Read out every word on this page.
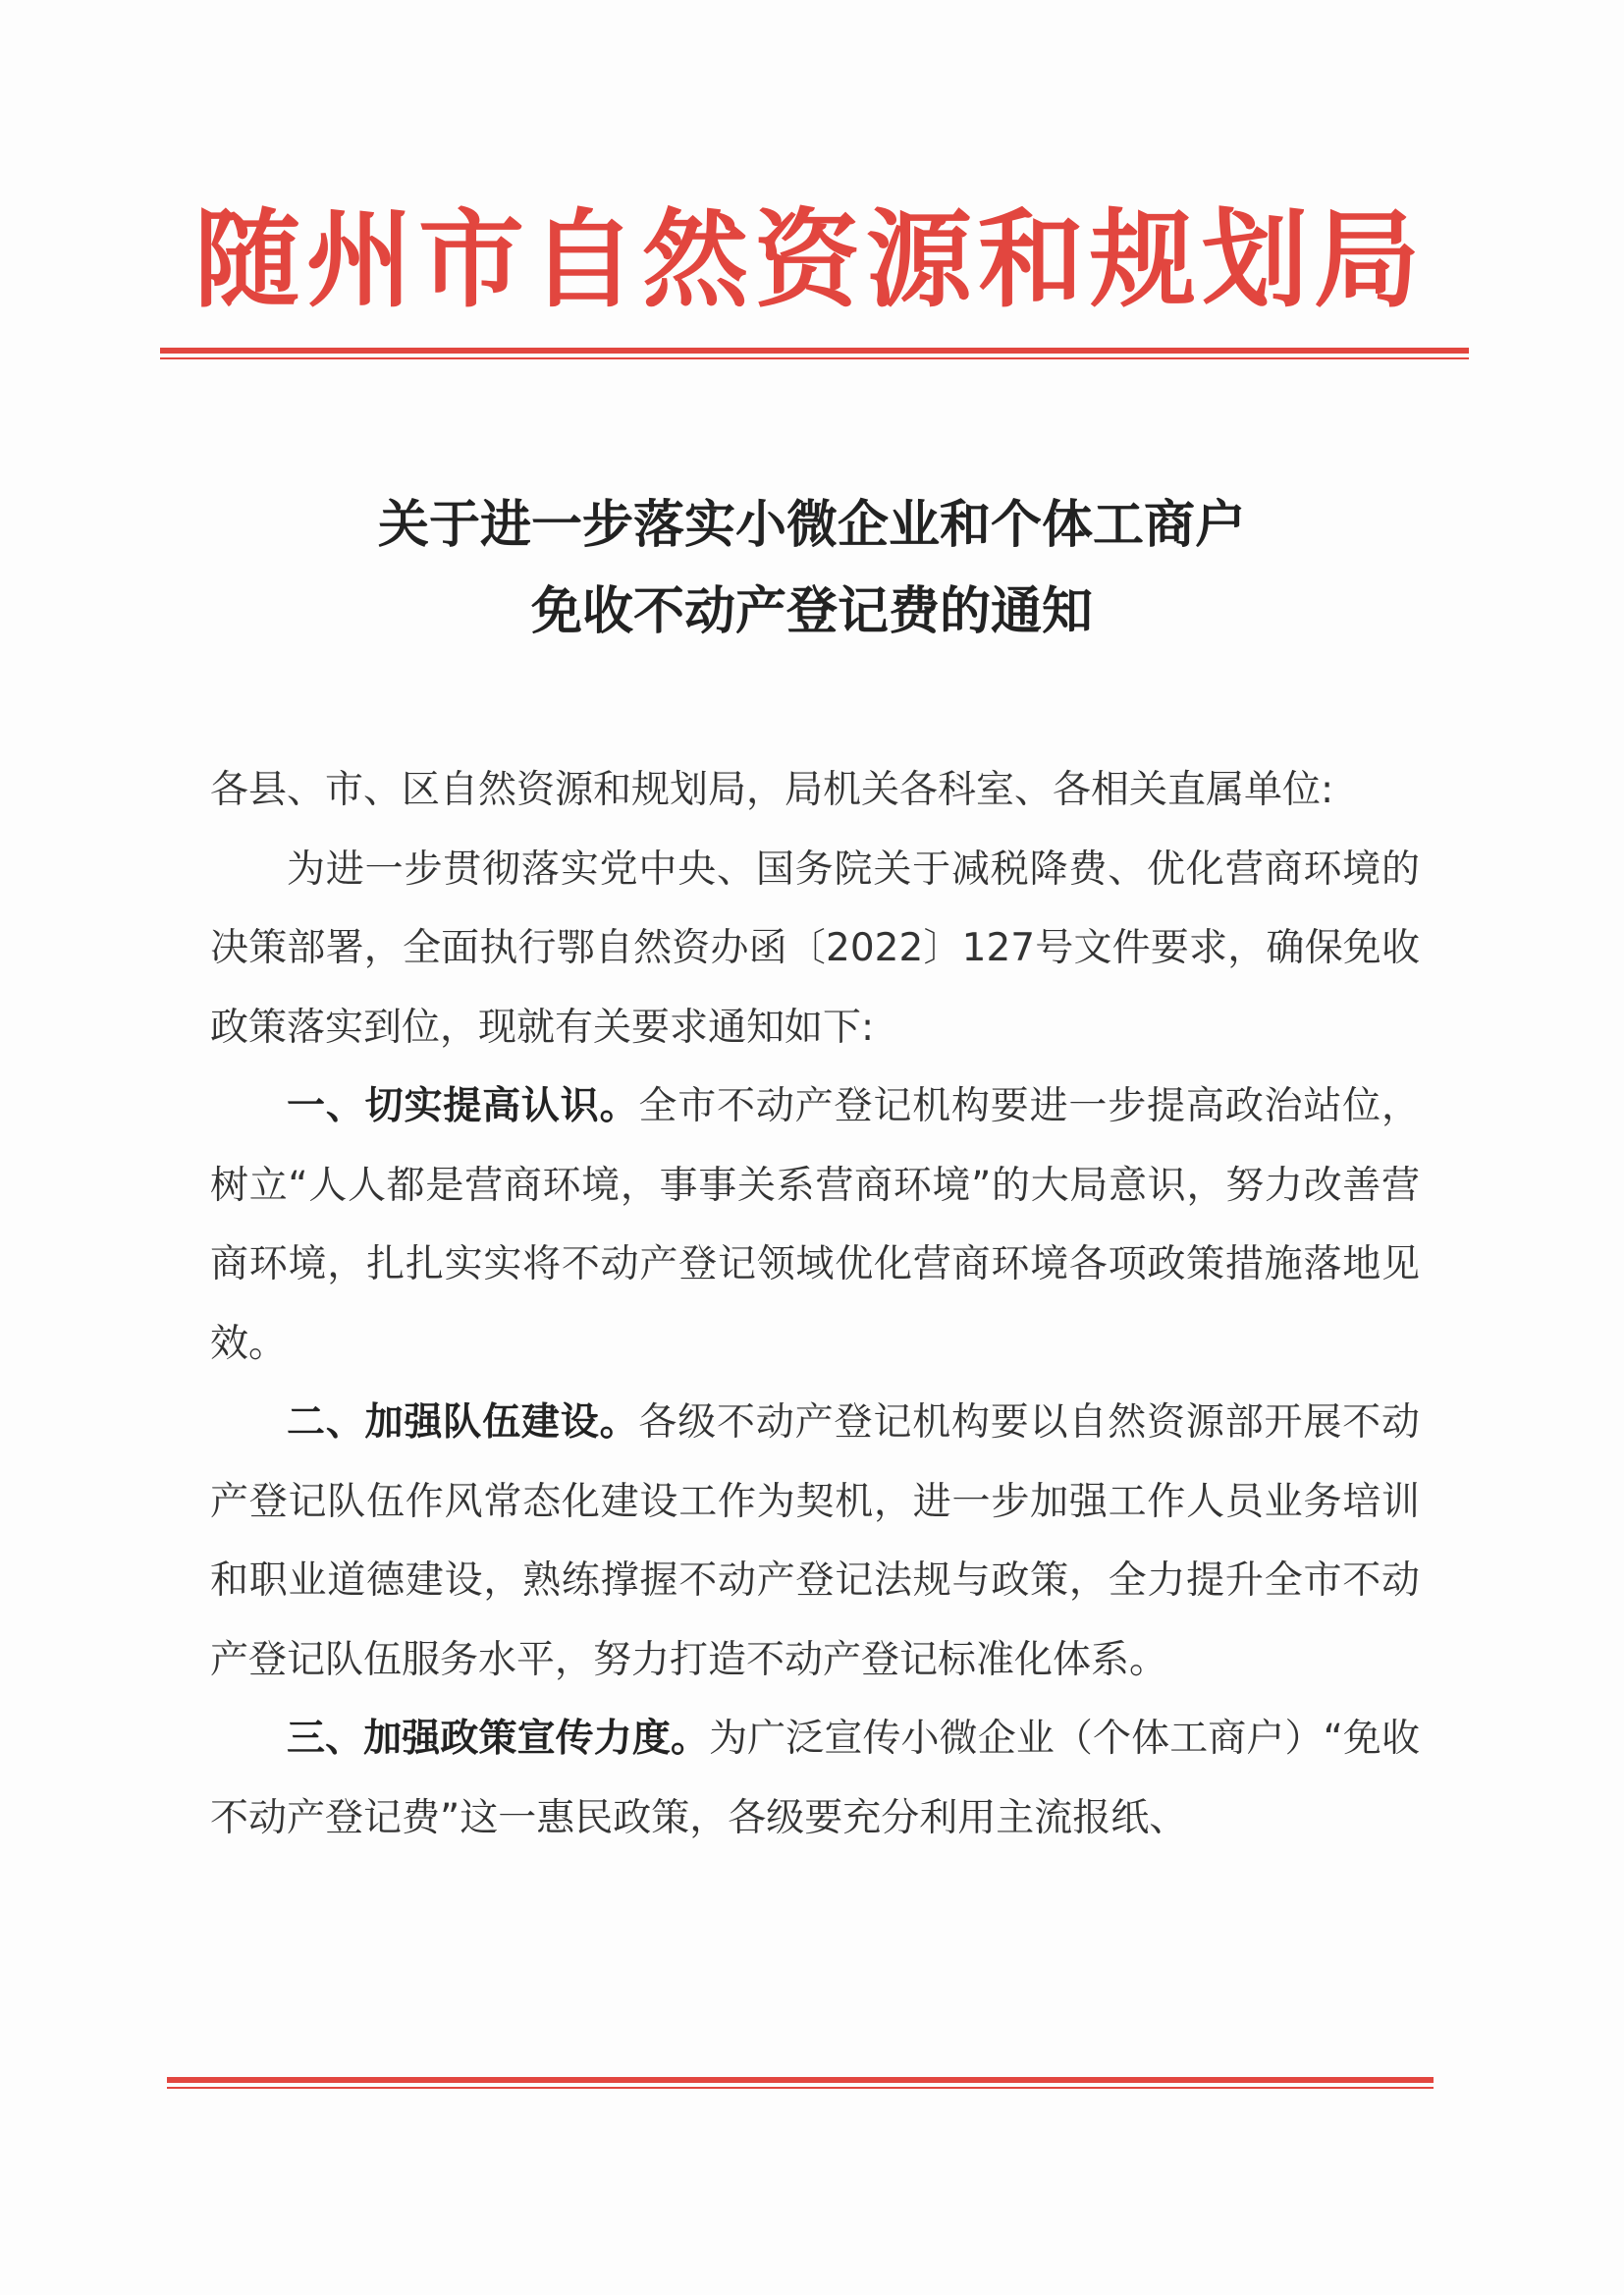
随州市自然资源和规划局
关于进一步落实小微企业和个体工商户
免收不动产登记费的通知

各县、市、区自然资源和规划局，局机关各科室、各相关直属单位:

为进一步贯彻落实党中央、国务院关于减税降费、优化营商环境的决策部署，全面执行鄂自然资办函〔2022〕127号文件要求，确保免收政策落实到位，现就有关要求通知如下:

一、切实提高认识。全市不动产登记机构要进一步提高政治站位，树立“人人都是营商环境，事事关系营商环境”的大局意识，努力改善营商环境，扎扎实实将不动产登记领域优化营商环境各项政策措施落地见效。

二、加强队伍建设。各级不动产登记机构要以自然资源部开展不动产登记队伍作风常态化建设工作为契机，进一步加强工作人员业务培训和职业道德建设，熟练撑握不动产登记法规与政策，全力提升全市不动产登记队伍服务水平，努力打造不动产登记标准化体系。

三、加强政策宣传力度。为广泛宣传小微企业（个体工商户）“免收不动产登记费”这一惠民政策，各级要充分利用主流报纸、
